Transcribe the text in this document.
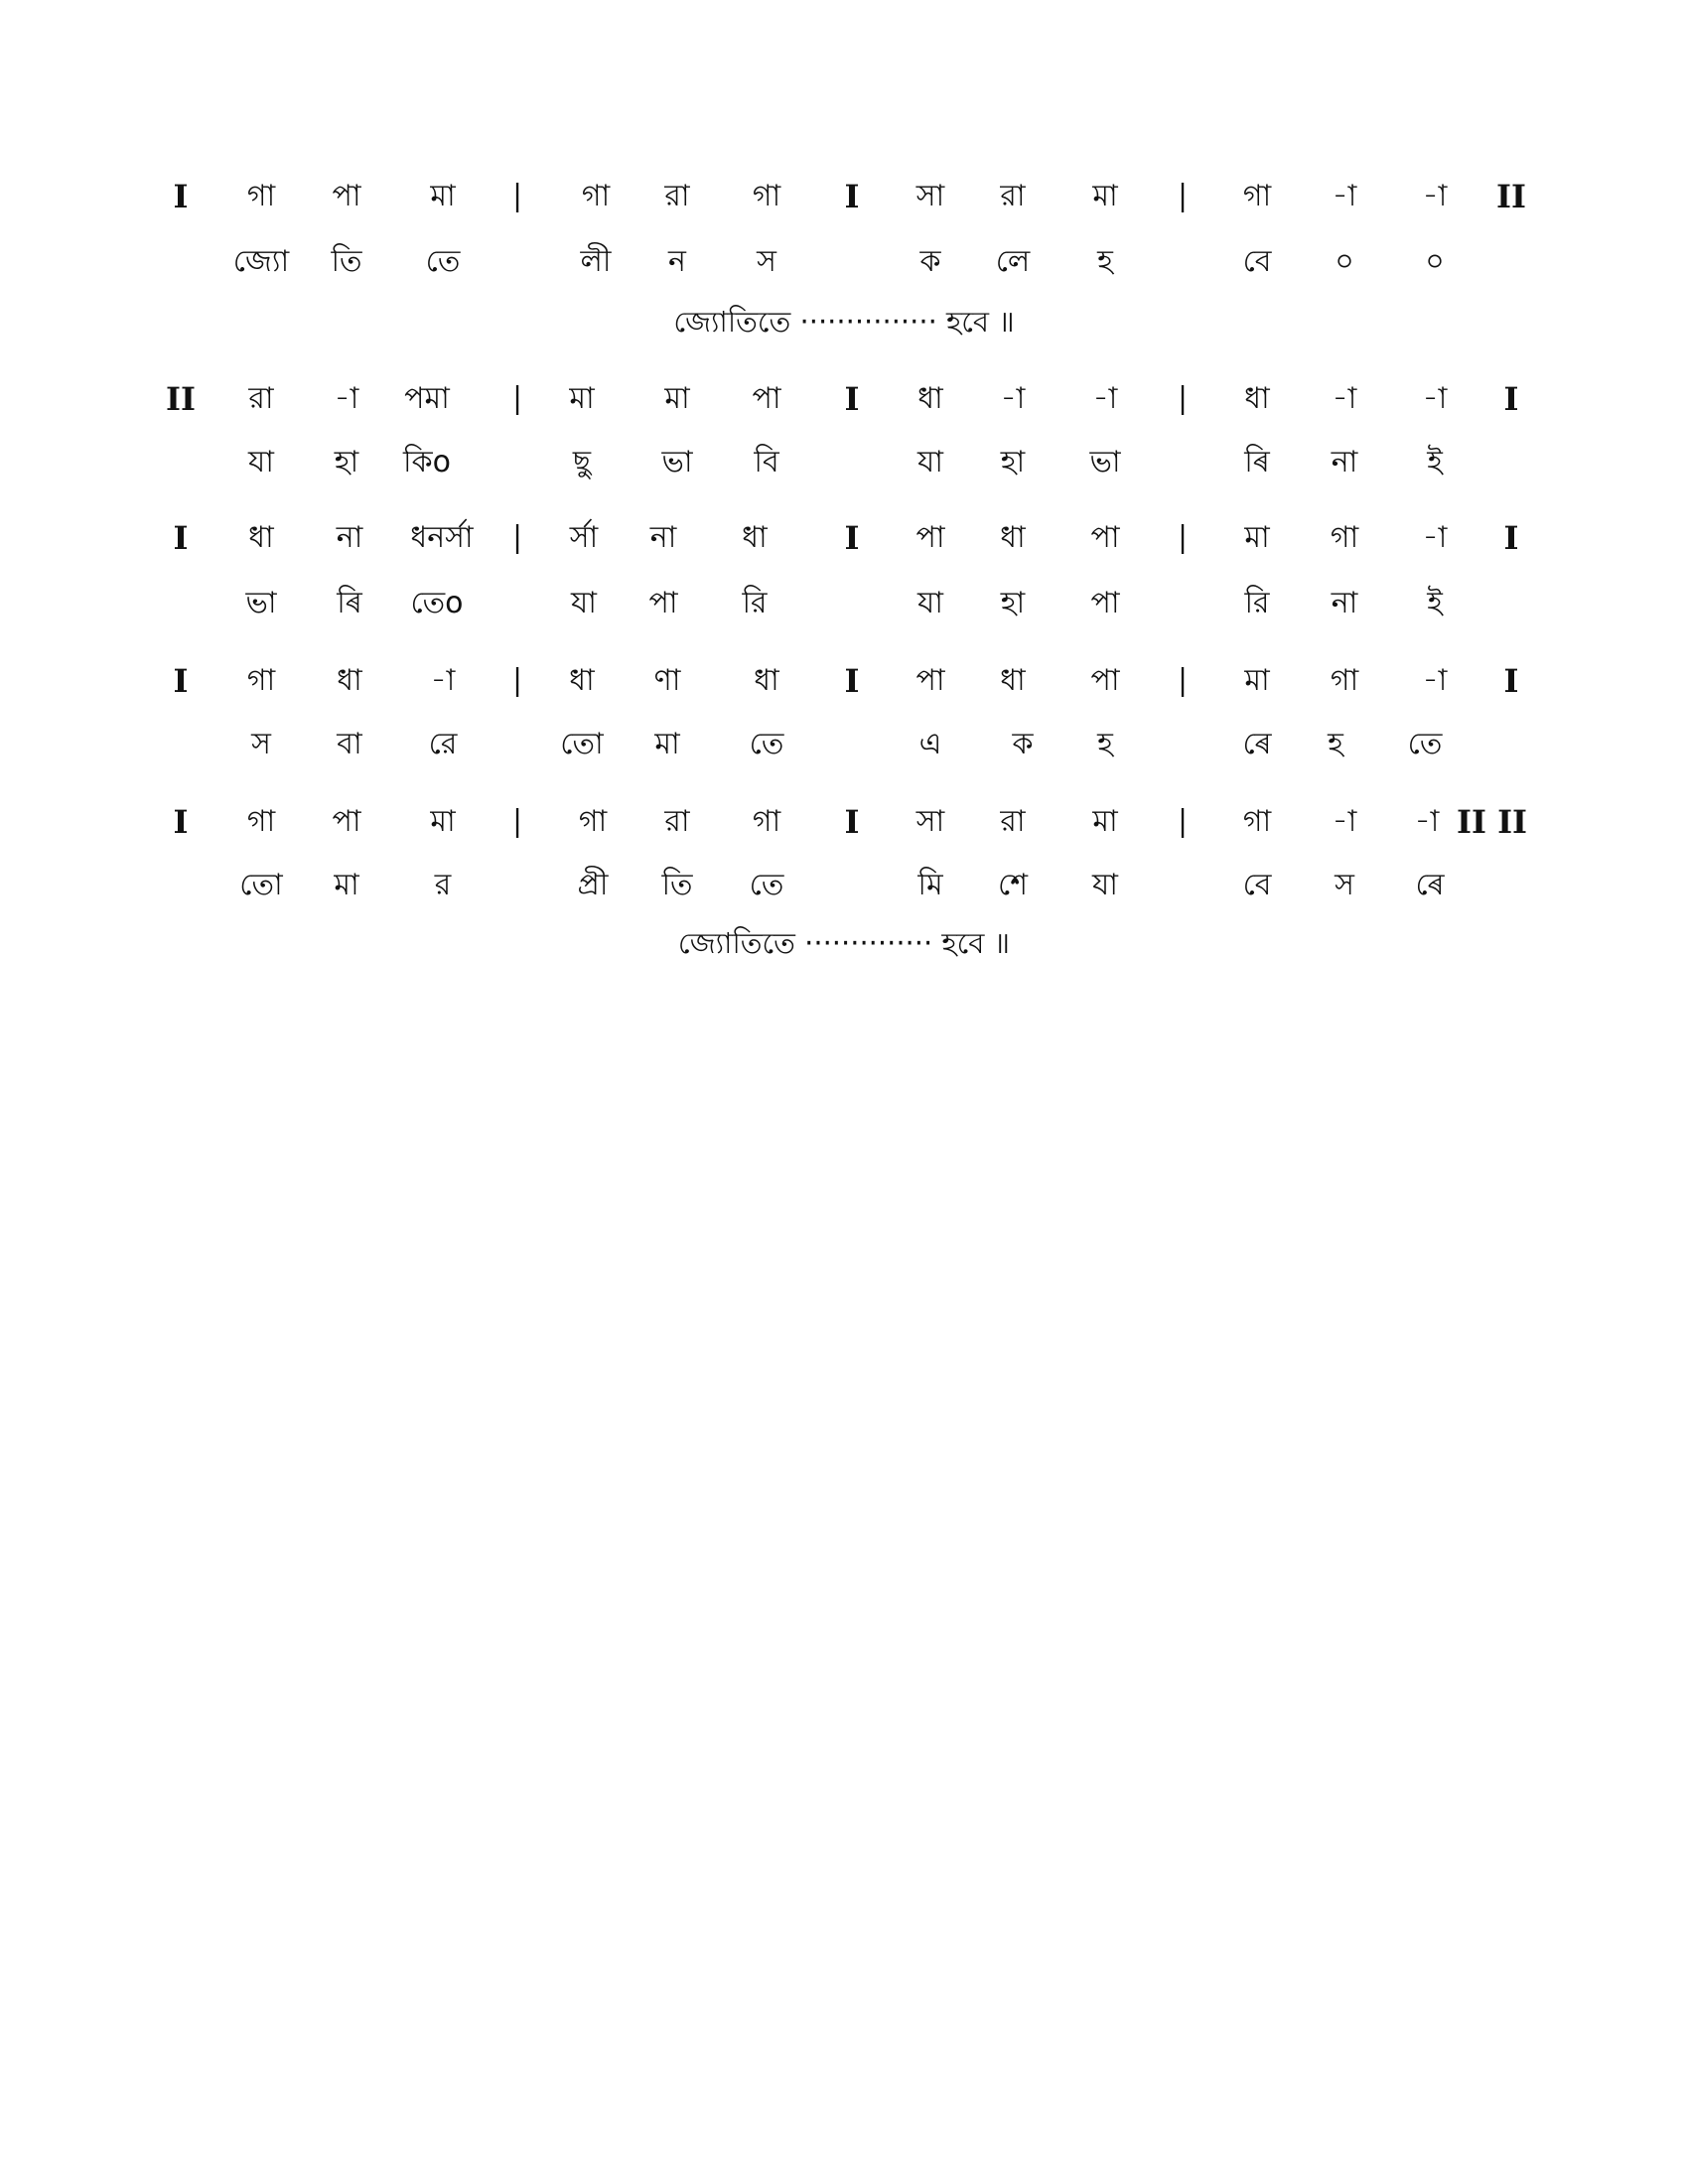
I	গা	পা	মা	|	গা	রা	গা	I	সা	রা	মা	|	গা	-া	-া	II
জ্যো	তি	তে	লী	ন	স	ক	লে	হ	বে	০	০
জ্যোতিতে ··············· হবে ॥
II	রা	-া	পমা	|	মা	মা	পা	I	ধা	-া	-া	|	ধা	-া	-া	I
যা	হা	কিo	ছু	ভা	বি	যা	হা	ভা	ৰি	না	ই
I	ধা	না	ধনর্সা	|	র্সা	না	ধা	I	পা	ধা	পা	|	মা	গা	-া	I
ভা	ৰি	তেo	যা	পা	রি	যা	হা	পা	রি	না	ই
I	গা	ধা	-া	|	ধা	ণা	ধা	I	পা	ধা	পা	|	মা	গা	-া	I
স	বা	রে	তো	মা	তে	এ	ক	হ	ৰে	হ	তে
I	গা	পা	মা	|	গা	রা	গা	I	সা	রা	মা	|	গা	-া	-া II II
তো	মা	র	প্রী	তি	তে	মি	শে	যা	বে	স	ৰে
জ্যোতিতে ·············· হবে ॥
